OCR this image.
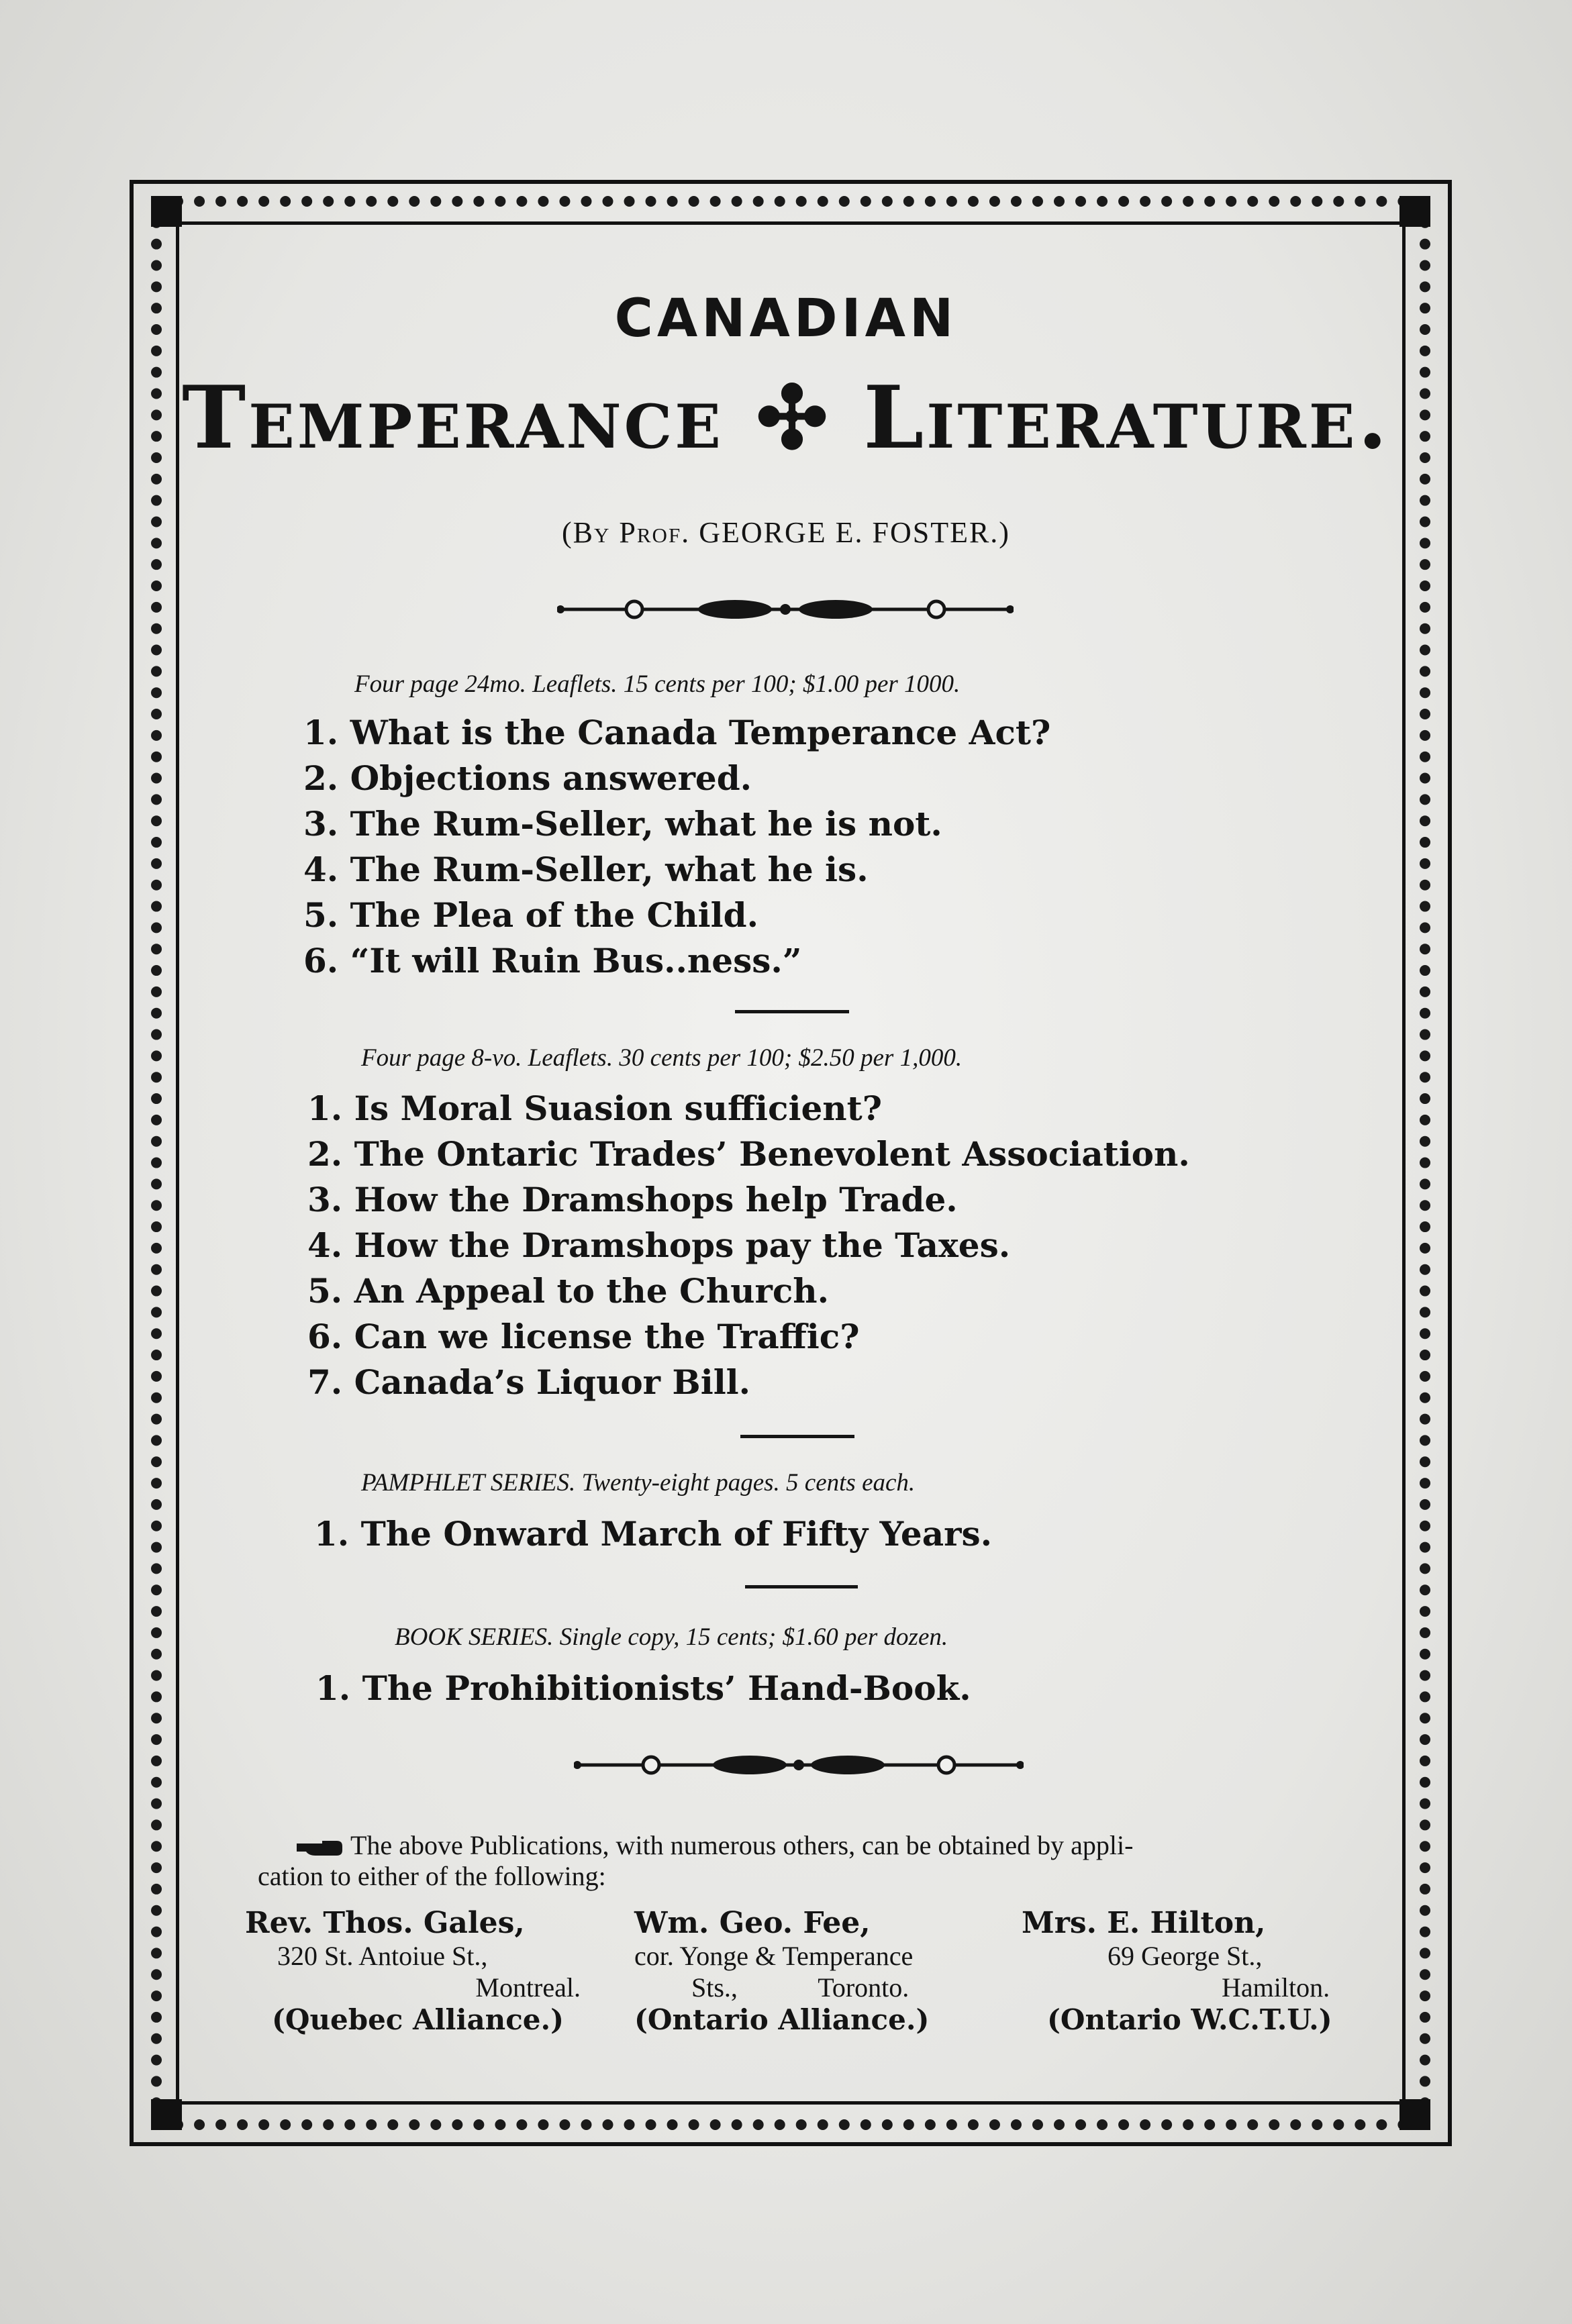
CANADIAN
Temperance ✣ Literature.
(By Prof. GEORGE E. FOSTER.)
Four page 24mo. Leaflets. 15 cents per 100; $1.00 per 1000.
1. What is the Canada Temperance Act?
2. Objections answered.
3. The Rum-Seller, what he is not.
4. The Rum-Seller, what he is.
5. The Plea of the Child.
6. “It will Ruin Bus..ness.”
Four page 8-vo. Leaflets. 30 cents per 100; $2.50 per 1,000.
1. Is Moral Suasion sufficient?
2. The Ontaric Trades’ Benevolent Association.
3. How the Dramshops help Trade.
4. How the Dramshops pay the Taxes.
5. An Appeal to the Church.
6. Can we license the Traffic?
7. Canada’s Liquor Bill.
PAMPHLET SERIES. Twenty-eight pages. 5 cents each.
1. The Onward March of Fifty Years.
BOOK SERIES. Single copy, 15 cents; $1.60 per dozen.
1. The Prohibitionists’ Hand-Book.
The above Publications, with numerous others, can be obtained by appli-
cation to either of the following:
Rev. Thos. Gales,
320 St. Antoiue St.,
Montreal.
(Quebec Alliance.)
Wm. Geo. Fee,
cor. Yonge & Temperance
Sts.,            Toronto.
(Ontario Alliance.)
Mrs. E. Hilton,
69 George St.,
Hamilton.
(Ontario W.C.T.U.)
